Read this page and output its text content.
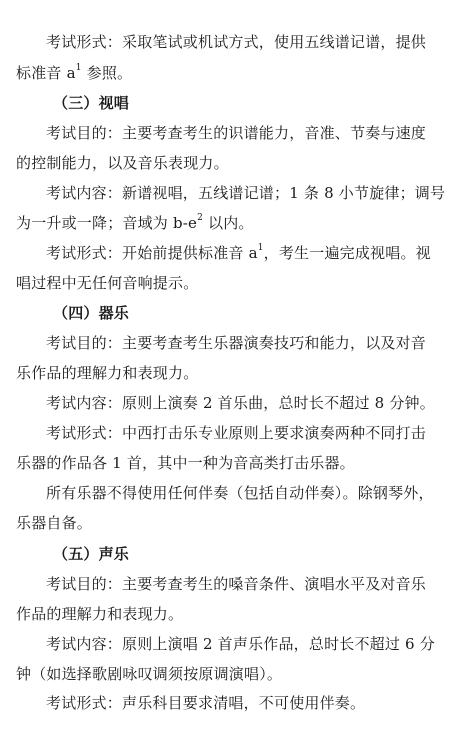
考试形式：采取笔试或机试方式，使用五线谱记谱，提供
标准音 $a^1$ 参照。
（三）视唱
考试目的：主要考查考生的识谱能力，音准、节奏与速度
的控制能力，以及音乐表现力。
考试内容：新谱视唱，五线谱记谱；1 条 8 小节旋律；调号
为一升或一降；音域为 $b-e^2$ 以内。
考试形式：开始前提供标准音 $a^1$，考生一遍完成视唱。视
唱过程中无任何音响提示。
（四）器乐
考试目的：主要考查考生乐器演奏技巧和能力，以及对音
乐作品的理解力和表现力。
考试内容：原则上演奏 2 首乐曲，总时长不超过 8 分钟。
考试形式：中西打击乐专业原则上要求演奏两种不同打击
乐器的作品各 1 首，其中一种为音高类打击乐器。
所有乐器不得使用任何伴奏（包括自动伴奏）。除钢琴外，
乐器自备。
（五）声乐
考试目的：主要考查考生的嗓音条件、演唱水平及对音乐
作品的理解力和表现力。
考试内容：原则上演唱 2 首声乐作品，总时长不超过 6 分
钟（如选择歌剧咏叹调须按原调演唱）。
考试形式：声乐科目要求清唱，不可使用伴奏。
